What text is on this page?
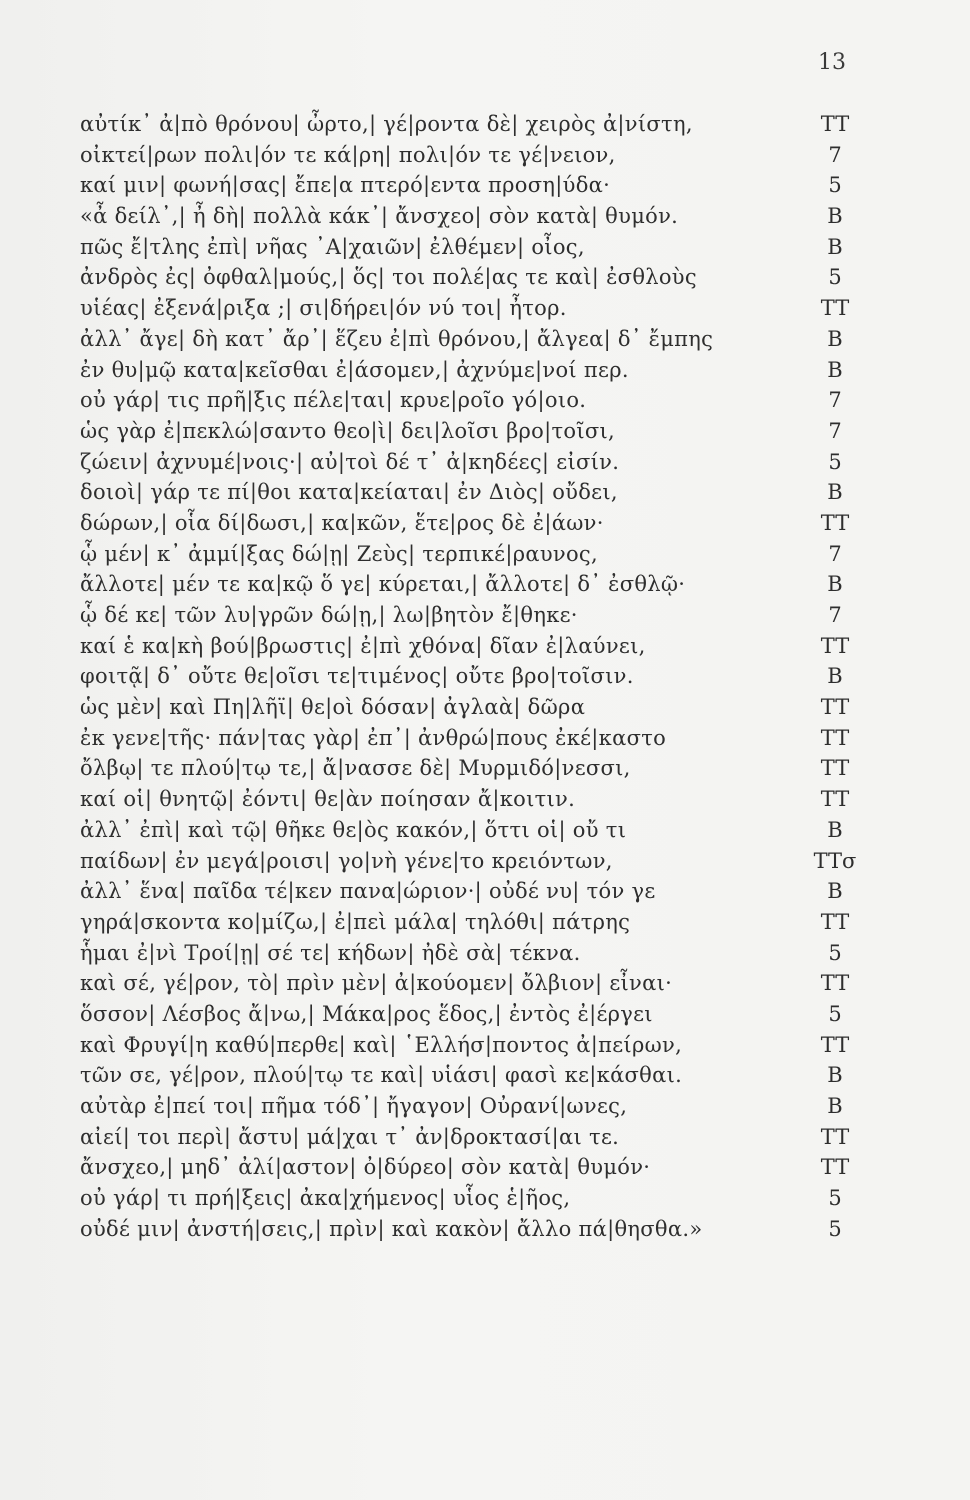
13
αὐτίκ᾽ ἀ|πὸ θρόνου| ὦρτο,| γέ|ροντα δὲ| χειρὸς ἀ|νίστη,	TT
οἰκτεί|ρων πολι|όν τε κά|ρη| πολι|όν τε γέ|νειον,	7
καί μιν| φωνή|σας| ἔπε|α πτερό|εντα προση|ύδα·	5
«ἆ δείλ᾽,| ἦ δὴ| πολλὰ κάκ᾽| ἄνσχεο| σὸν κατὰ| θυμόν.	B
πῶς ἔ|τλης ἐπὶ| νῆας ᾽Α|χαιῶν| ἐλθέμεν| οἶος,	B
ἀνδρὸς ἐς| ὀφθαλ|μούς,| ὅς| τοι πολέ|ας τε καὶ| ἐσθλοὺς	5
υἱέας| ἐξενά|ριξα ;| σι|δήρει|όν νύ τοι| ἦτορ.	TT
ἀλλ᾽ ἄγε| δὴ κατ᾽ ἄρ᾽| ἕζευ ἐ|πὶ θρόνου,| ἄλγεα| δ᾽ ἔμπης	B
ἐν θυ|μῷ κατα|κεῖσθαι ἐ|άσομεν,| ἀχνύμε|νοί περ.	B
οὐ γάρ| τις πρῆ|ξις πέλε|ται| κρυε|ροῖο γό|οιο.	7
ὡς γὰρ ἐ|πεκλώ|σαντο θεο|ὶ| δει|λοῖσι βρο|τοῖσι,	7
ζώειν| ἀχνυμέ|νοις·| αὐ|τοὶ δέ τ᾽ ἀ|κηδέες| εἰσίν.	5
δοιοὶ| γάρ τε πί|θοι κατα|κείαται| ἐν Διὸς| οὔδει,	B
δώρων,| οἷα δί|δωσι,| κα|κῶν, ἕτε|ρος δὲ ἐ|άων·	TT
ᾧ μέν| κ᾽ ἀμμί|ξας δώ|ῃ| Ζεὺς| τερπικέ|ραυνος,	7
ἄλλοτε| μέν τε κα|κῷ ὅ γε| κύρεται,| ἄλλοτε| δ᾽ ἐσθλῷ·	B
ᾧ δέ κε| τῶν λυ|γρῶν δώ|ῃ,| λω|βητὸν ἔ|θηκε·	7
καί ἑ κα|κὴ βού|βρωστις| ἐ|πὶ χθόνα| δῖαν ἐ|λαύνει,	TT
φοιτᾷ| δ᾽ οὔτε θε|οῖσι τε|τιμένος| οὔτε βρο|τοῖσιν.	B
ὡς μὲν| καὶ Πη|λῆϊ| θε|οὶ δόσαν| ἀγλαὰ| δῶρα	TT
ἐκ γενε|τῆς· πάν|τας γὰρ| ἐπ᾽| ἀνθρώ|πους ἐκέ|καστο	TT
ὄλβῳ| τε πλού|τῳ τε,| ἄ|νασσε δὲ| Μυρμιδό|νεσσι,	TT
καί οἱ| θνητῷ| ἐόντι| θε|ὰν ποίησαν ἄ|κοιτιν.	TT
ἀλλ᾽ ἐπὶ| καὶ τῷ| θῆκε θε|ὸς κακόν,| ὅττι οἱ| οὔ τι	B
παίδων| ἐν μεγά|ροισι| γο|νὴ γένε|το κρειόντων,	TTσ
ἀλλ᾽ ἕνα| παῖδα τέ|κεν πανα|ώριον·| οὐδέ νυ| τόν γε	B
γηρά|σκοντα κο|μίζω,| ἐ|πεὶ μάλα| τηλόθι| πάτρης	TT
ἧμαι ἐ|νὶ Τροί|ῃ| σέ τε| κήδων| ἠδὲ σὰ| τέκνα.	5
καὶ σέ, γέ|ρον, τὸ| πρὶν μὲν| ἀ|κούομεν| ὄλβιον| εἶναι·	TT
ὅσσον| Λέσβος ἄ|νω,| Μάκα|ρος ἕδος,| ἐντὸς ἐ|έργει	5
καὶ Φρυγί|η καθύ|περθε| καὶ| ῾Ελλήσ|ποντος ἀ|πείρων,	TT
τῶν σε, γέ|ρον, πλού|τῳ τε καὶ| υἱάσι| φασὶ κε|κάσθαι.	B
αὐτὰρ ἐ|πεί τοι| πῆμα τόδ᾽| ἤγαγον| Οὐρανί|ωνες,	B
αἰεί| τοι περὶ| ἄστυ| μά|χαι τ᾽ ἀν|δροκτασί|αι τε.	TT
ἄνσχεο,| μηδ᾽ ἀλί|αστον| ὀ|δύρεο| σὸν κατὰ| θυμόν·	TT
οὐ γάρ| τι πρή|ξεις| ἀκα|χήμενος| υἷος ἑ|ῆος,	5
οὐδέ μιν| ἀνστή|σεις,| πρὶν| καὶ κακὸν| ἄλλο πά|θησθα.»	5
